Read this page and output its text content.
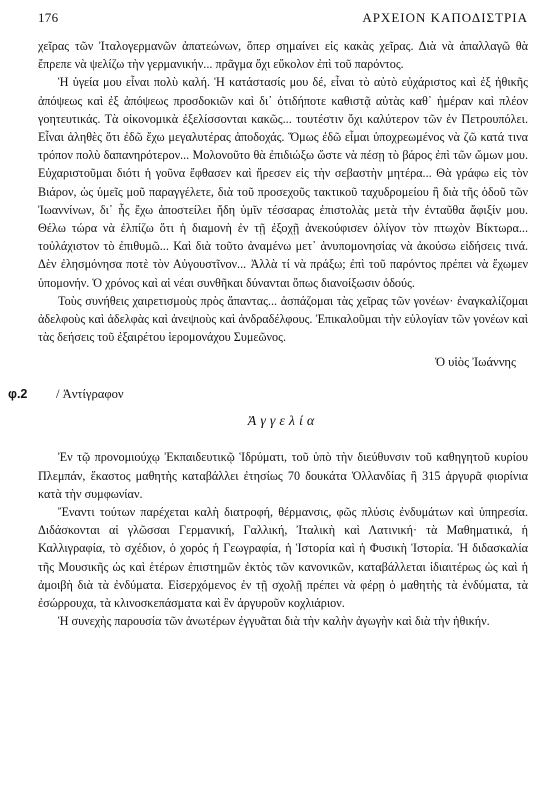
176	ΑΡΧΕΙΟΝ ΚΑΠΟΔΙΣΤΡΙΑ

χεῖρας τῶν Ἰταλογερμανῶν ἀπατεώνων, ὅπερ σημαίνει εἰς κακὰς χεῖρας. Διὰ νὰ ἀπαλλαγῶ θὰ ἔπρεπε νὰ ψελίζω τὴν γερμανικήν... πρᾶγμα ὄχι εὔκολον ἐπὶ τοῦ παρόντος.

Ἡ ὑγεία μου εἶναι πολὺ καλή. Ἡ κατάστασίς μου δέ, εἶναι τὸ αὐτὸ εὐχάριστος καὶ ἐξ ἠθικῆς ἀπόψεως καὶ ἐξ ἀπόψεως προσδοκιῶν καὶ δι᾽ ὁτιδήποτε καθιστᾷ αὐτὰς καθ᾽ ἡμέραν καὶ πλέον γοητευτικάς. Τὰ οἰκονομικὰ ἐξελίσσονται κακῶς... τουτέστιν ὄχι καλύτερον τῶν ἐν Πετρουπόλει. Εἶναι ἀληθὲς ὅτι ἐδῶ ἔχω μεγαλυτέρας ἀποδοχάς. Ὅμως ἐδῶ εἶμαι ὑποχρεωμένος νὰ ζῶ κατά τινα τρόπον πολὺ δαπανηρότερον... Μολονοῦτο θὰ ἐπιδιώξω ὥστε νὰ πέσῃ τὸ βάρος ἐπὶ τῶν ὤμων μου. Εὐχαριστοῦμαι διότι ἡ γοῦνα ἔφθασεν καὶ ἤρεσεν εἰς τὴν σεβαστὴν μητέρα... Θὰ γράφω εἰς τὸν Βιάρον, ὡς ὑμεῖς μοῦ παραγγέλετε, διὰ τοῦ προσεχοῦς τακτικοῦ ταχυδρομείου ἢ διὰ τῆς ὁδοῦ τῶν Ἰωαννίνων, δι᾽ ἧς ἔχω ἀποστείλει ἤδη ὑμῖν τέσσαρας ἐπιστολὰς μετὰ τὴν ἐνταῦθα ἄφιξίν μου. Θέλω τώρα νὰ ἐλπίζω ὅτι ἡ διαμονὴ ἐν τῇ ἐξοχῇ ἀνεκούφισεν ὀλίγον τὸν πτωχὸν Βίκτωρα... τοὐλάχιστον τὸ ἐπιθυμῶ... Καὶ διὰ τοῦτο ἀναμένω μετ᾽ ἀνυπομονησίας νὰ ἀκούσω εἰδήσεις τινά. Δὲν ἐλησμόνησα ποτὲ τὸν Αὐγουστῖνον... Ἀλλὰ τί νὰ πράξω; ἐπὶ τοῦ παρόντος πρέπει νὰ ἔχωμεν ὑπομονήν. Ὁ χρόνος καὶ αἱ νέαι συνθῆκαι δύνανται ὅπως διανοίξωσιν ὁδούς.

Τοὺς συνήθεις χαιρετισμοὺς πρὸς ἅπαντας... ἀσπάζομαι τὰς χεῖρας τῶν γονέων· ἐναγκαλίζομαι ἀδελφοὺς καὶ ἀδελφὰς καὶ ἀνεψιοὺς καὶ ἀνδραδέλφους. Ἐπικαλοῦμαι τὴν εὐλογίαν τῶν γονέων καὶ τὰς δεήσεις τοῦ ἐξαιρέτου ἱερομονάχου Συμεῶνος.

Ὁ υἱὸς Ἰωάννης
φ.2 / Ἀντίγραφον
Ἀγγελία

Ἐν τῷ προνομιούχῳ Ἐκπαιδευτικῷ Ἱδρύματι, τοῦ ὑπὸ τὴν διεύθυνσιν τοῦ καθηγητοῦ κυρίου Πλεμπάν, ἕκαστος μαθητὴς καταβάλλει ἐτησίως 70 δουκάτα Ὁλλανδίας ἢ 315 ἀργυρᾶ φιορίνια κατὰ τὴν συμφωνίαν.

Ἔναντι τούτων παρέχεται καλὴ διατροφή, θέρμανσις, φῶς πλύσις ἐνδυμάτων καὶ ὑπηρεσία. Διδάσκονται αἱ γλῶσσαι Γερμανική, Γαλλική, Ἰταλικὴ καὶ Λατινική· τὰ Μαθηματικά, ἡ Καλλιγραφία, τὸ σχέδιον, ὁ χορός ἡ Γεωγραφία, ἡ Ἱστορία καὶ ἡ Φυσικὴ Ἱστορία. Ἡ διδασκαλία τῆς Μουσικῆς ὡς καὶ ἑτέρων ἐπιστημῶν ἐκτὸς τῶν κανονικῶν, καταβάλλεται ἰδιαιτέρως ὡς καὶ ἡ ἀμοιβὴ διὰ τὰ ἐνδύματα. Εἰσερχόμενος ἐν τῇ σχολῇ πρέπει νὰ φέρῃ ὁ μαθητὴς τὰ ἐνδύματα, τὰ ἐσώρρουχα, τὰ κλινοσκεπάσματα καὶ ἓν ἀργυροῦν κοχλιάριον.

Ἡ συνεχὴς παρουσία τῶν ἀνωτέρων ἐγγυᾶται διὰ τὴν καλὴν ἀγωγὴν καὶ διὰ τὴν ἠθικήν.
